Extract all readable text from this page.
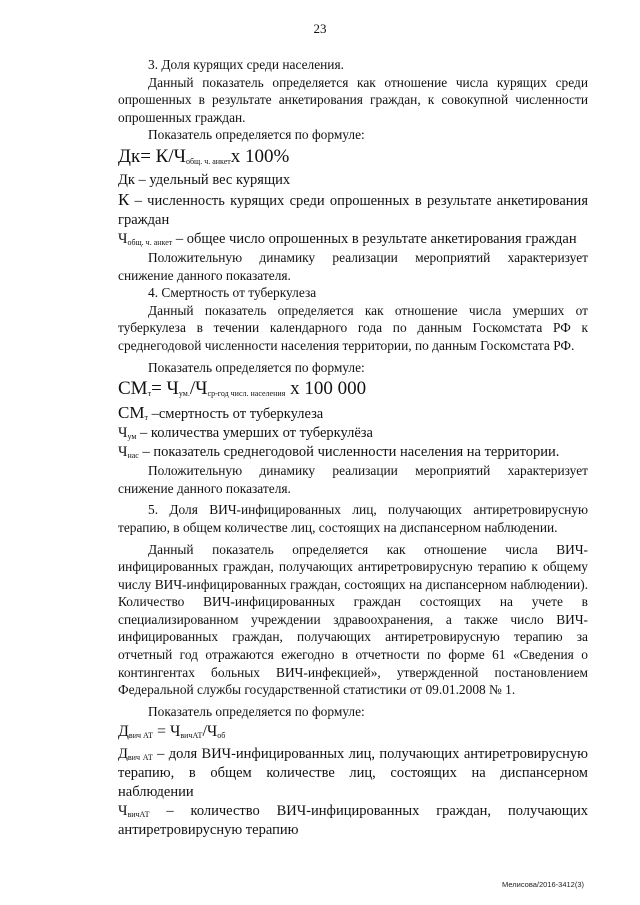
23

3. Доля курящих среди населения.

Данный показатель определяется как отношение числа курящих среди опрошенных в результате анкетирования граждан, к совокупной численности опрошенных граждан.

Показатель определяется по формуле:

$Дк= К/Ч_{общ. ч. анкет}х$ 100%

Дк – удельный вес курящих

К – численность курящих среди опрошенных в результате анкетирования граждан

$Ч_{общ. ч. анкет}$ – общее число опрошенных в результате анкетирования граждан

Положительную динамику реализации мероприятий характеризует снижение данного показателя.

4. Смертность от туберкулеза

Данный показатель определяется как отношение числа умерших от туберкулеза в течении календарного года по данным Госкомстата РФ к среднегодовой численности населения территории, по данным Госкомстата РФ.

Показатель определяется по формуле:

$СМ_т= Ч_{ум.}/Ч_{ср-год числ. населения}$ х 100 000

$СМ_т$ –смертность от туберкулеза

$Ч_{ум}$ – количества умерших от туберкулёза

$Ч_{нас}$ – показатель среднегодовой численности населения на территории.

Положительную динамику реализации мероприятий характеризует снижение данного показателя.

5. Доля ВИЧ-инфицированных лиц, получающих антиретровирусную терапию, в общем количестве лиц, состоящих на диспансерном наблюдении.

Данный показатель определяется как отношение числа ВИЧ-инфицированных граждан, получающих антиретровирусную терапию к общему числу ВИЧ-инфицированных граждан, состоящих на диспансерном наблюдении). Количество ВИЧ-инфицированных граждан состоящих на учете в специализированном учреждении здравоохранения, а также число ВИЧ-инфицированных граждан, получающих антиретровирусную терапию за отчетный год отражаются ежегодно в отчетности по форме 61 «Сведения о контингентах больных ВИЧ-инфекцией», утвержденной постановлением Федеральной службы государственной статистики от 09.01.2008 № 1.

Показатель определяется по формуле:

$Д_{вич АТ} = Ч_{вичАТ}/Ч_{об}$

$Д_{вич АТ}$ – доля ВИЧ-инфицированных лиц, получающих антиретровирусную терапию, в общем количестве лиц, состоящих на диспансерном наблюдении

$Ч_{вичАТ}$ – количество ВИЧ-инфицированных граждан, получающих антиретровирусную терапию

Мелисова/2016-3412(3)
